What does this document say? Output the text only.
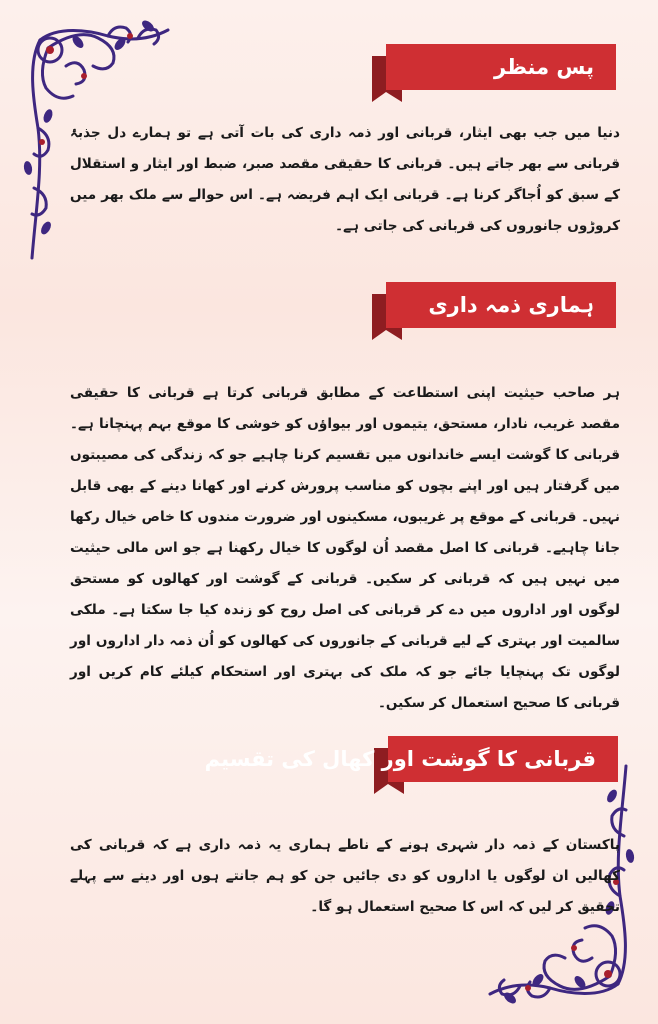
پس منظر

دنیا میں جب بھی ایثار، قربانی اور ذمہ داری کی بات آتی ہے تو ہمارے دل جذبۂ قربانی سے بھر جاتے ہیں۔ قربانی کا حقیقی مقصد صبر، ضبط اور ایثار و استقلال کے سبق کو اُجاگر کرنا ہے۔ قربانی ایک اہم فریضہ ہے۔ اس حوالے سے ملک بھر میں کروڑوں جانوروں کی قربانی کی جاتی ہے۔

ہماری ذمہ داری

ہر صاحب حیثیت اپنی استطاعت کے مطابق قربانی کرتا ہے قربانی کا حقیقی مقصد غریب، نادار، مستحق، یتیموں اور بیواؤں کو خوشی کا موقع بہم پہنچانا ہے۔ قربانی کا گوشت ایسے خاندانوں میں تقسیم کرنا چاہیے جو کہ زندگی کی مصیبتوں میں گرفتار ہیں اور اپنے بچوں کو مناسب پرورش کرنے اور کھانا دینے کے بھی قابل نہیں۔ قربانی کے موقع پر غریبوں، مسکینوں اور ضرورت مندوں کا خاص خیال رکھا جانا چاہیے۔ قربانی کا اصل مقصد اُن لوگوں کا خیال رکھنا ہے جو اس مالی حیثیت میں نہیں ہیں کہ قربانی کر سکیں۔ قربانی کے گوشت اور کھالوں کو مستحق لوگوں اور اداروں میں دے کر قربانی کی اصل روح کو زندہ کیا جا سکتا ہے۔ ملکی سالمیت اور بہتری کے لیے قربانی کے جانوروں کی کھالوں کو اُن ذمہ دار اداروں اور لوگوں تک پہنچایا جائے جو کہ ملک کی بہتری اور استحکام کیلئے کام کریں اور قربانی کا صحیح استعمال کر سکیں۔

قربانی کا گوشت اور کھال کی تقسیم

پاکستان کے ذمہ دار شہری ہونے کے ناطے ہماری یہ ذمہ داری ہے کہ قربانی کی کھالیں ان لوگوں یا اداروں کو دی جائیں جن کو ہم جانتے ہوں اور دینے سے پہلے تحقیق کر لیں کہ اس کا صحیح استعمال ہو گا۔
